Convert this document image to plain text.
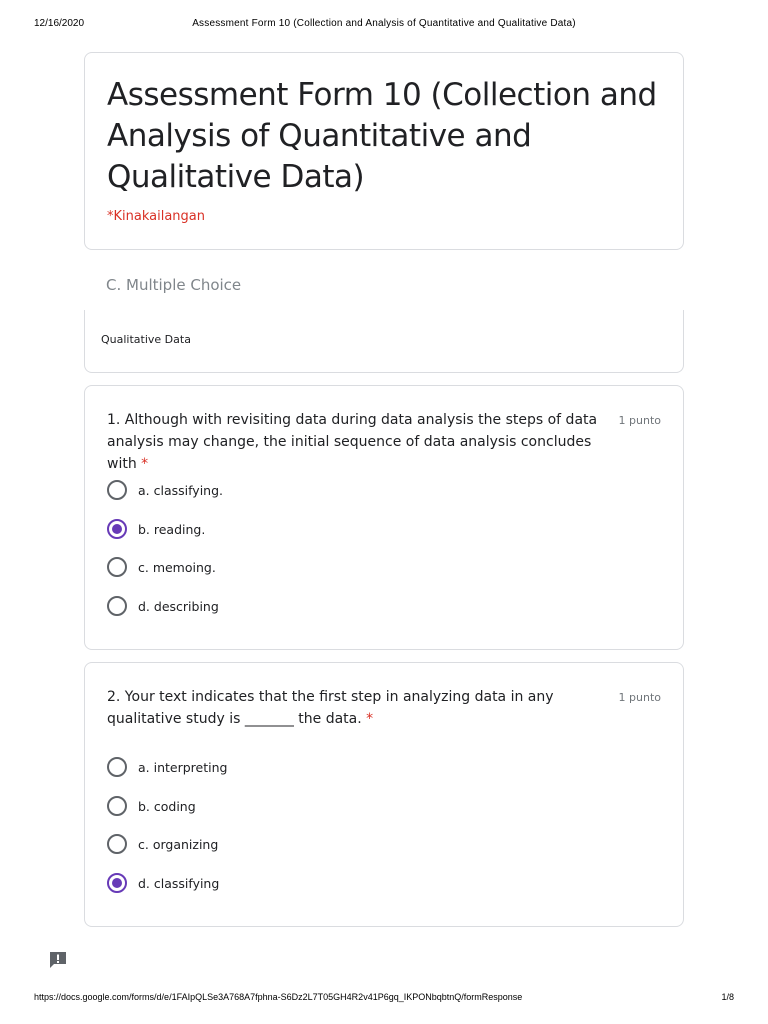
12/16/2020	Assessment Form 10 (Collection and Analysis of Quantitative and Qualitative Data)
Assessment Form 10 (Collection and Analysis of Quantitative and Qualitative Data)
*Kinakailangan
C. Multiple Choice
Qualitative Data
1. Although with revisiting data during data analysis the steps of data analysis may change, the initial sequence of data analysis concludes with *
1 punto
a. classifying.
b. reading.
c. memoing.
d. describing
2. Your text indicates that the first step in analyzing data in any qualitative study is _______ the data. *
1 punto
a. interpreting
b. coding
c. organizing
d. classifying
https://docs.google.com/forms/d/e/1FAIpQLSe3A768A7fphna-S6Dz2L7T05GH4R2v41P6gq_IKPONbqbtnQ/formResponse	1/8
